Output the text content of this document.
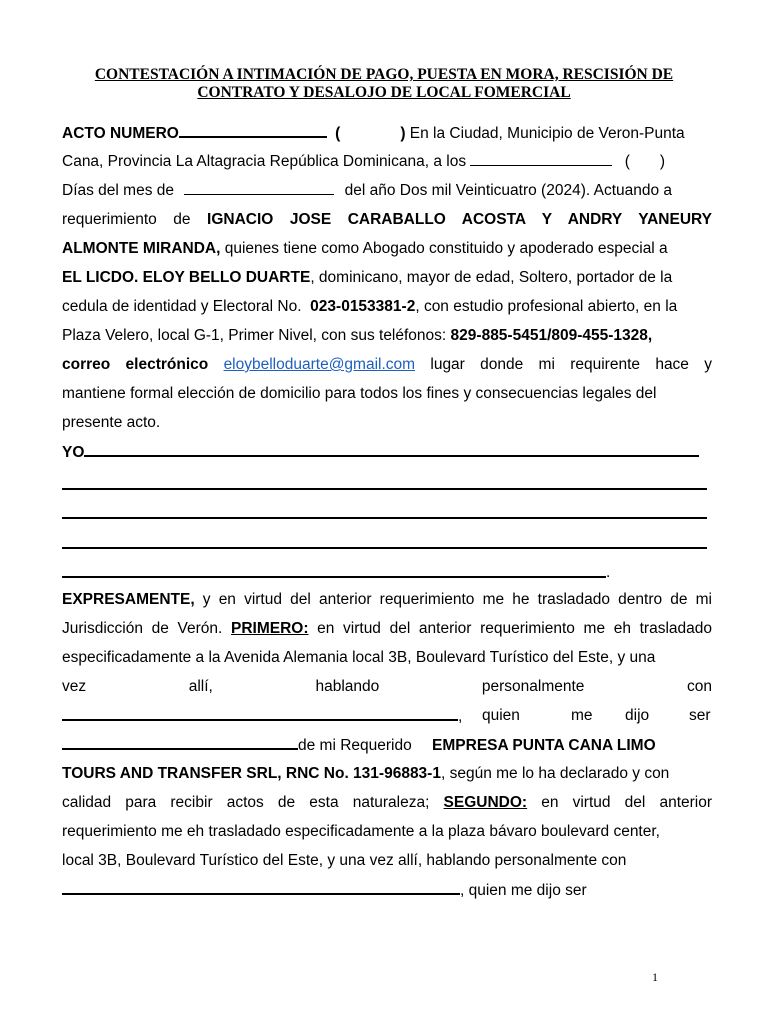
CONTESTACIÓN A INTIMACIÓN DE PAGO, PUESTA EN MORA, RESCISIÓN DE
CONTRATO Y DESALOJO DE LOCAL FOMERCIAL
ACTO NUMERO	(	) En la Ciudad, Municipio de Veron-Punta
Cana, Provincia La Altagracia República Dominicana, a los	( )
Días del mes de	del año Dos mil Veinticuatro (2024). Actuando a
requerimiento de IGNACIO JOSE CARABALLO ACOSTA Y ANDRY YANEURY
ALMONTE MIRANDA, quienes tiene como Abogado constituido y apoderado especial a
EL LICDO. ELOY BELLO DUARTE, dominicano, mayor de edad, Soltero, portador de la
cedula de identidad y Electoral No. 023-0153381-2, con estudio profesional abierto, en la
Plaza Velero, local G-1, Primer Nivel, con sus teléfonos: 829-885-5451/809-455-1328,
correo electrónico eloybelloduarte@gmail.com lugar donde mi requirente hace y
mantiene formal elección de domicilio para todos los fines y consecuencias legales del
presente acto.
YO
.
EXPRESAMENTE, y en virtud del anterior requerimiento me he trasladado dentro de mi
Jurisdicción de Verón. PRIMERO: en virtud del anterior requerimiento me eh trasladado
especificadamente a la Avenida Alemania local 3B, Boulevard Turístico del Este, y una
vez	allí,	hablando	personalmente	con
, quien	me dijo	ser
de mi Requerido EMPRESA PUNTA CANA LIMO
TOURS AND TRANSFER SRL, RNC No. 131-96883-1, según me lo ha declarado y con
calidad para recibir actos de esta naturaleza; SEGUNDO: en virtud del anterior
requerimiento me eh trasladado especificadamente a la plaza bávaro boulevard center,
local 3B, Boulevard Turístico del Este, y una vez allí, hablando personalmente con
, quien me dijo ser
1
